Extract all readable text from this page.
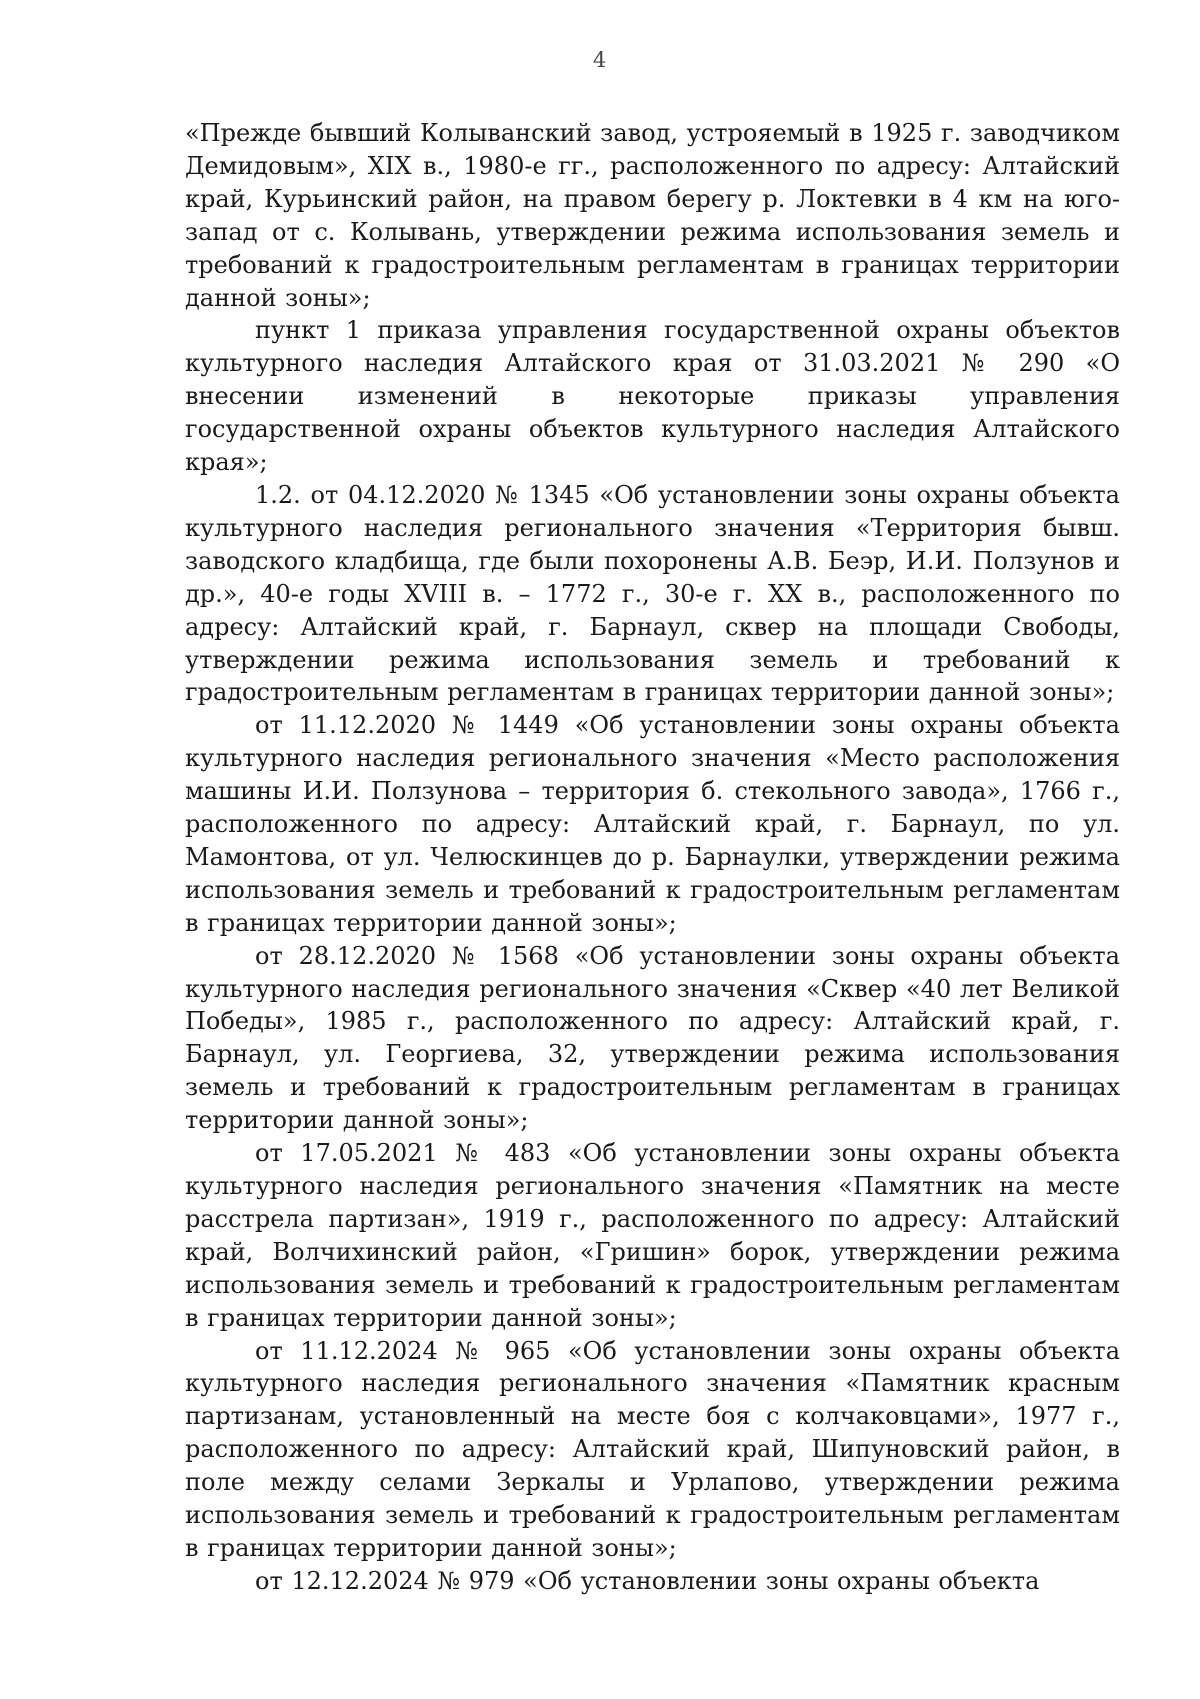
4

«Прежде бывший Колыванский завод, устрояемый в 1925 г. заводчиком Демидовым», XIX в., 1980-е гг., расположенного по адресу: Алтайский край, Курьинский район, на правом берегу р. Локтевки в 4 км на юго-запад от с. Колывань, утверждении режима использования земель и требований к градостроительным регламентам в границах территории данной зоны»;

пункт 1 приказа управления государственной охраны объектов культурного наследия Алтайского края от 31.03.2021 № 290 «О внесении изменений в некоторые приказы управления государственной охраны объектов культурного наследия Алтайского края»;

1.2. от 04.12.2020 № 1345 «Об установлении зоны охраны объекта культурного наследия регионального значения «Территория бывш. заводского кладбища, где были похоронены А.В. Беэр, И.И. Ползунов и др.», 40-е годы XVIII в. – 1772 г., 30-е г. XX в., расположенного по адресу: Алтайский край, г. Барнаул, сквер на площади Свободы, утверждении режима использования земель и требований к градостроительным регламентам в границах территории данной зоны»;

от 11.12.2020 № 1449 «Об установлении зоны охраны объекта культурного наследия регионального значения «Место расположения машины И.И. Ползунова – территория б. стекольного завода», 1766 г., расположенного по адресу: Алтайский край, г. Барнаул, по ул. Мамонтова, от ул. Челюскинцев до р. Барнаулки, утверждении режима использования земель и требований к градостроительным регламентам в границах территории данной зоны»;

от 28.12.2020 № 1568 «Об установлении зоны охраны объекта культурного наследия регионального значения «Сквер «40 лет Великой Победы», 1985 г., расположенного по адресу: Алтайский край, г. Барнаул, ул. Георгиева, 32, утверждении режима использования земель и требований к градостроительным регламентам в границах территории данной зоны»;

от 17.05.2021 № 483 «Об установлении зоны охраны объекта культурного наследия регионального значения «Памятник на месте расстрела партизан», 1919 г., расположенного по адресу: Алтайский край, Волчихинский район, «Гришин» борок, утверждении режима использования земель и требований к градостроительным регламентам в границах территории данной зоны»;

от 11.12.2024 № 965 «Об установлении зоны охраны объекта культурного наследия регионального значения «Памятник красным партизанам, установленный на месте боя с колчаковцами», 1977 г., расположенного по адресу: Алтайский край, Шипуновский район, в поле между селами Зеркалы и Урлапово, утверждении режима использования земель и требований к градостроительным регламентам в границах территории данной зоны»;

от 12.12.2024 № 979 «Об установлении зоны охраны объекта
